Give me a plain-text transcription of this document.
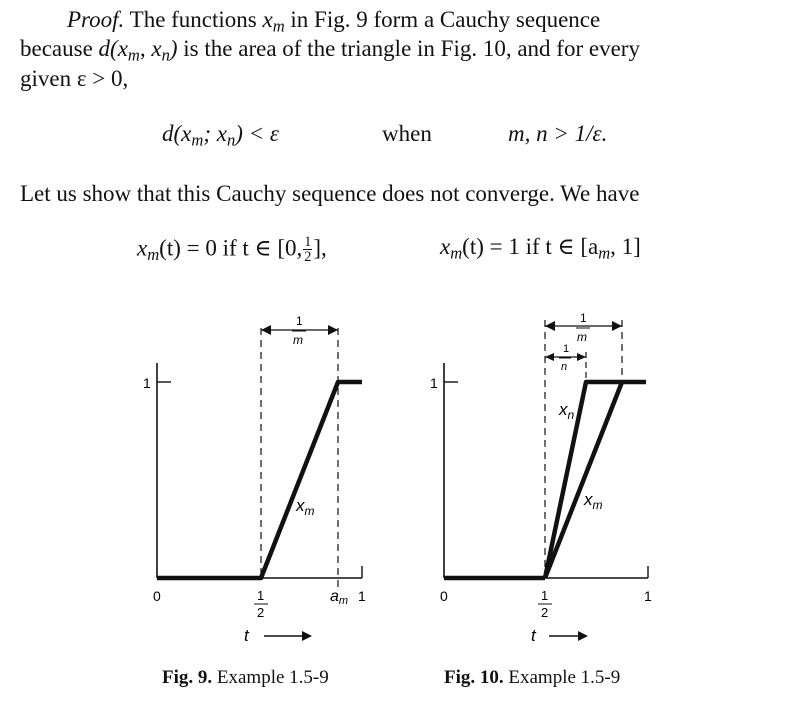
Proof. The functions $x_m$ in Fig. 9 form a Cauchy sequence
because $d(x_m$, $x_n$) is the area of the triangle in Fig. 10, and for every
given ε > 0,
$d(x_m$; $x_n) < \varepsilon$	when	m, n > 1/ε.
Let us show that this Cauchy sequence does not converge. We have
$x_m(t) = 0$ if t ∈ [0, $\frac{1}{2}$ ],	$x_m(t) = 1$ if t ∈ [$a_m$, 1]
1
0	1
2
am 1
1
m
$x_m$
t
1
0	1
2
1
1
m
1
n
$x_n$
$x_m$
t
Fig. 9. Example 1.5-9	Fig. 10. Example 1.5-9
